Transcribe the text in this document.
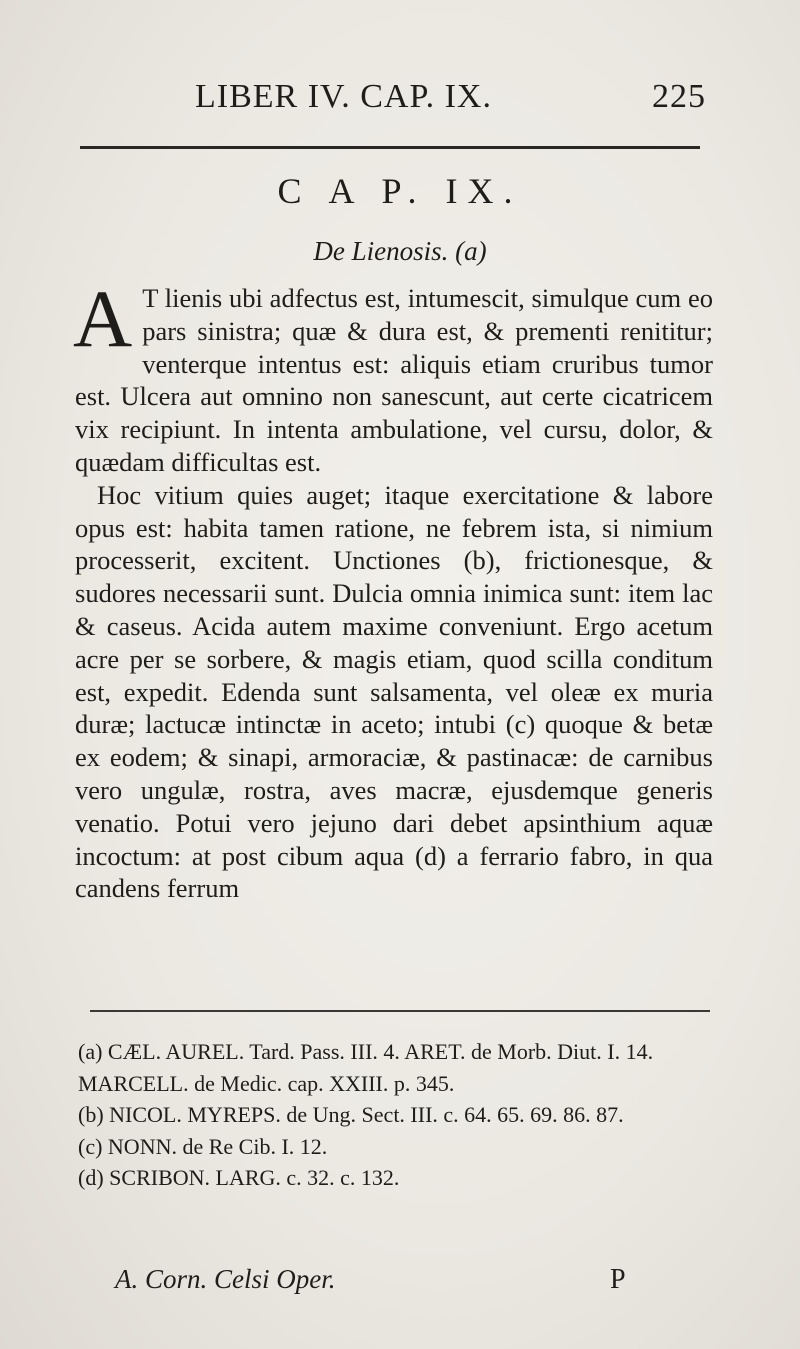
LIBER IV. CAP. IX.	225
C A P. IX.
De Lienosis. (a)

A T lienis ubi adfectus est, intumescit, simulque cum eo pars sinistra; quæ & dura est, & prementi renititur; venterque intentus est: aliquis etiam cruribus tumor est. Ulcera aut omnino non sanescunt, aut certe cicatricem vix recipiunt. In intenta ambulatione, vel cursu, dolor, & quædam difficultas est.

Hoc vitium quies auget; itaque exercitatione & labore opus est: habita tamen ratione, ne febrem ista, si nimium processerit, excitent. Unctiones (b), frictionesque, & sudores necessarii sunt. Dulcia omnia inimica sunt: item lac & caseus. Acida autem maxime conveniunt. Ergo acetum acre per se sorbere, & magis etiam, quod scilla conditum est, expedit. Edenda sunt salsamenta, vel oleæ ex muria duræ; lactucæ intinctæ in aceto; intubi (c) quoque & betæ ex eodem; & sinapi, armoraciæ, & pastinacæ: de carnibus vero ungulæ, rostra, aves macræ, ejusdemque generis venatio. Potui vero jejuno dari debet apsinthium aquæ incoctum: at post cibum aqua (d) a ferrario fabro, in qua candens ferrum

(a) CÆL. AUREL. Tard. Pass. III. 4. ARET. de Morb. Diut. I. 14. MARCELL. de Medic. cap. XXIII. p. 345.

(b) NICOL. MYREPS. de Ung. Sect. III. c. 64. 65. 69. 86. 87.

(c) NONN. de Re Cib. I. 12.

(d) SCRIBON. LARG. c. 32. c. 132.

A. Corn. Celsi Oper.	P
